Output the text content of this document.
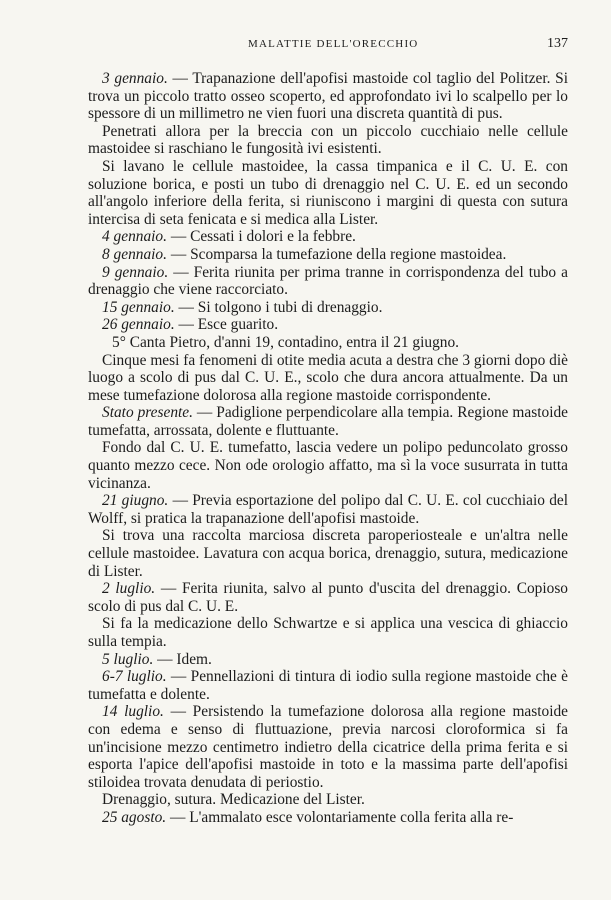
MALATTIE DELL'ORECCHIO	137

3 gennaio. — Trapanazione dell'apofisi mastoide col taglio del Politzer. Si trova un piccolo tratto osseo scoperto, ed approfondato ivi lo scalpello per lo spessore di un millimetro ne vien fuori una discreta quantità di pus.

Penetrati allora per la breccia con un piccolo cucchiaio nelle cellule mastoidee si raschiano le fungosità ivi esistenti.

Si lavano le cellule mastoidee, la cassa timpanica e il C. U. E. con soluzione borica, e posti un tubo di drenaggio nel C. U. E. ed un secondo all'angolo inferiore della ferita, si riuniscono i margini di questa con sutura intercisa di seta fenicata e si medica alla Lister.

4 gennaio. — Cessati i dolori e la febbre.

8 gennaio. — Scomparsa la tumefazione della regione mastoidea.

9 gennaio. — Ferita riunita per prima tranne in corrispondenza del tubo a drenaggio che viene raccorciato.

15 gennaio. — Si tolgono i tubi di drenaggio.

26 gennaio. — Esce guarito.

5° Canta Pietro, d'anni 19, contadino, entra il 21 giugno.

Cinque mesi fa fenomeni di otite media acuta a destra che 3 giorni dopo diè luogo a scolo di pus dal C. U. E., scolo che dura ancora attualmente. Da un mese tumefazione dolorosa alla regione mastoide corrispondente.

Stato presente. — Padiglione perpendicolare alla tempia. Regione mastoide tumefatta, arrossata, dolente e fluttuante.

Fondo dal C. U. E. tumefatto, lascia vedere un polipo peduncolato grosso quanto mezzo cece. Non ode orologio affatto, ma sì la voce susurrata in tutta vicinanza.

21 giugno. — Previa esportazione del polipo dal C. U. E. col cucchiaio del Wolff, si pratica la trapanazione dell'apofisi mastoide.

Si trova una raccolta marciosa discreta paroperiosteale e un'altra nelle cellule mastoidee. Lavatura con acqua borica, drenaggio, sutura, medicazione di Lister.

2 luglio. — Ferita riunita, salvo al punto d'uscita del drenaggio. Copioso scolo di pus dal C. U. E.

Si fa la medicazione dello Schwartze e si applica una vescica di ghiaccio sulla tempia.

5 luglio. — Idem.

6-7 luglio. — Pennellazioni di tintura di iodio sulla regione mastoide che è tumefatta e dolente.

14 luglio. — Persistendo la tumefazione dolorosa alla regione mastoide con edema e senso di fluttuazione, previa narcosi cloroformica si fa un'incisione mezzo centimetro indietro della cicatrice della prima ferita e si esporta l'apice dell'apofisi mastoide in toto e la massima parte dell'apofisi stiloidea trovata denudata di periostio.

Drenaggio, sutura. Medicazione del Lister.

25 agosto. — L'ammalato esce volontariamente colla ferita alla re-
